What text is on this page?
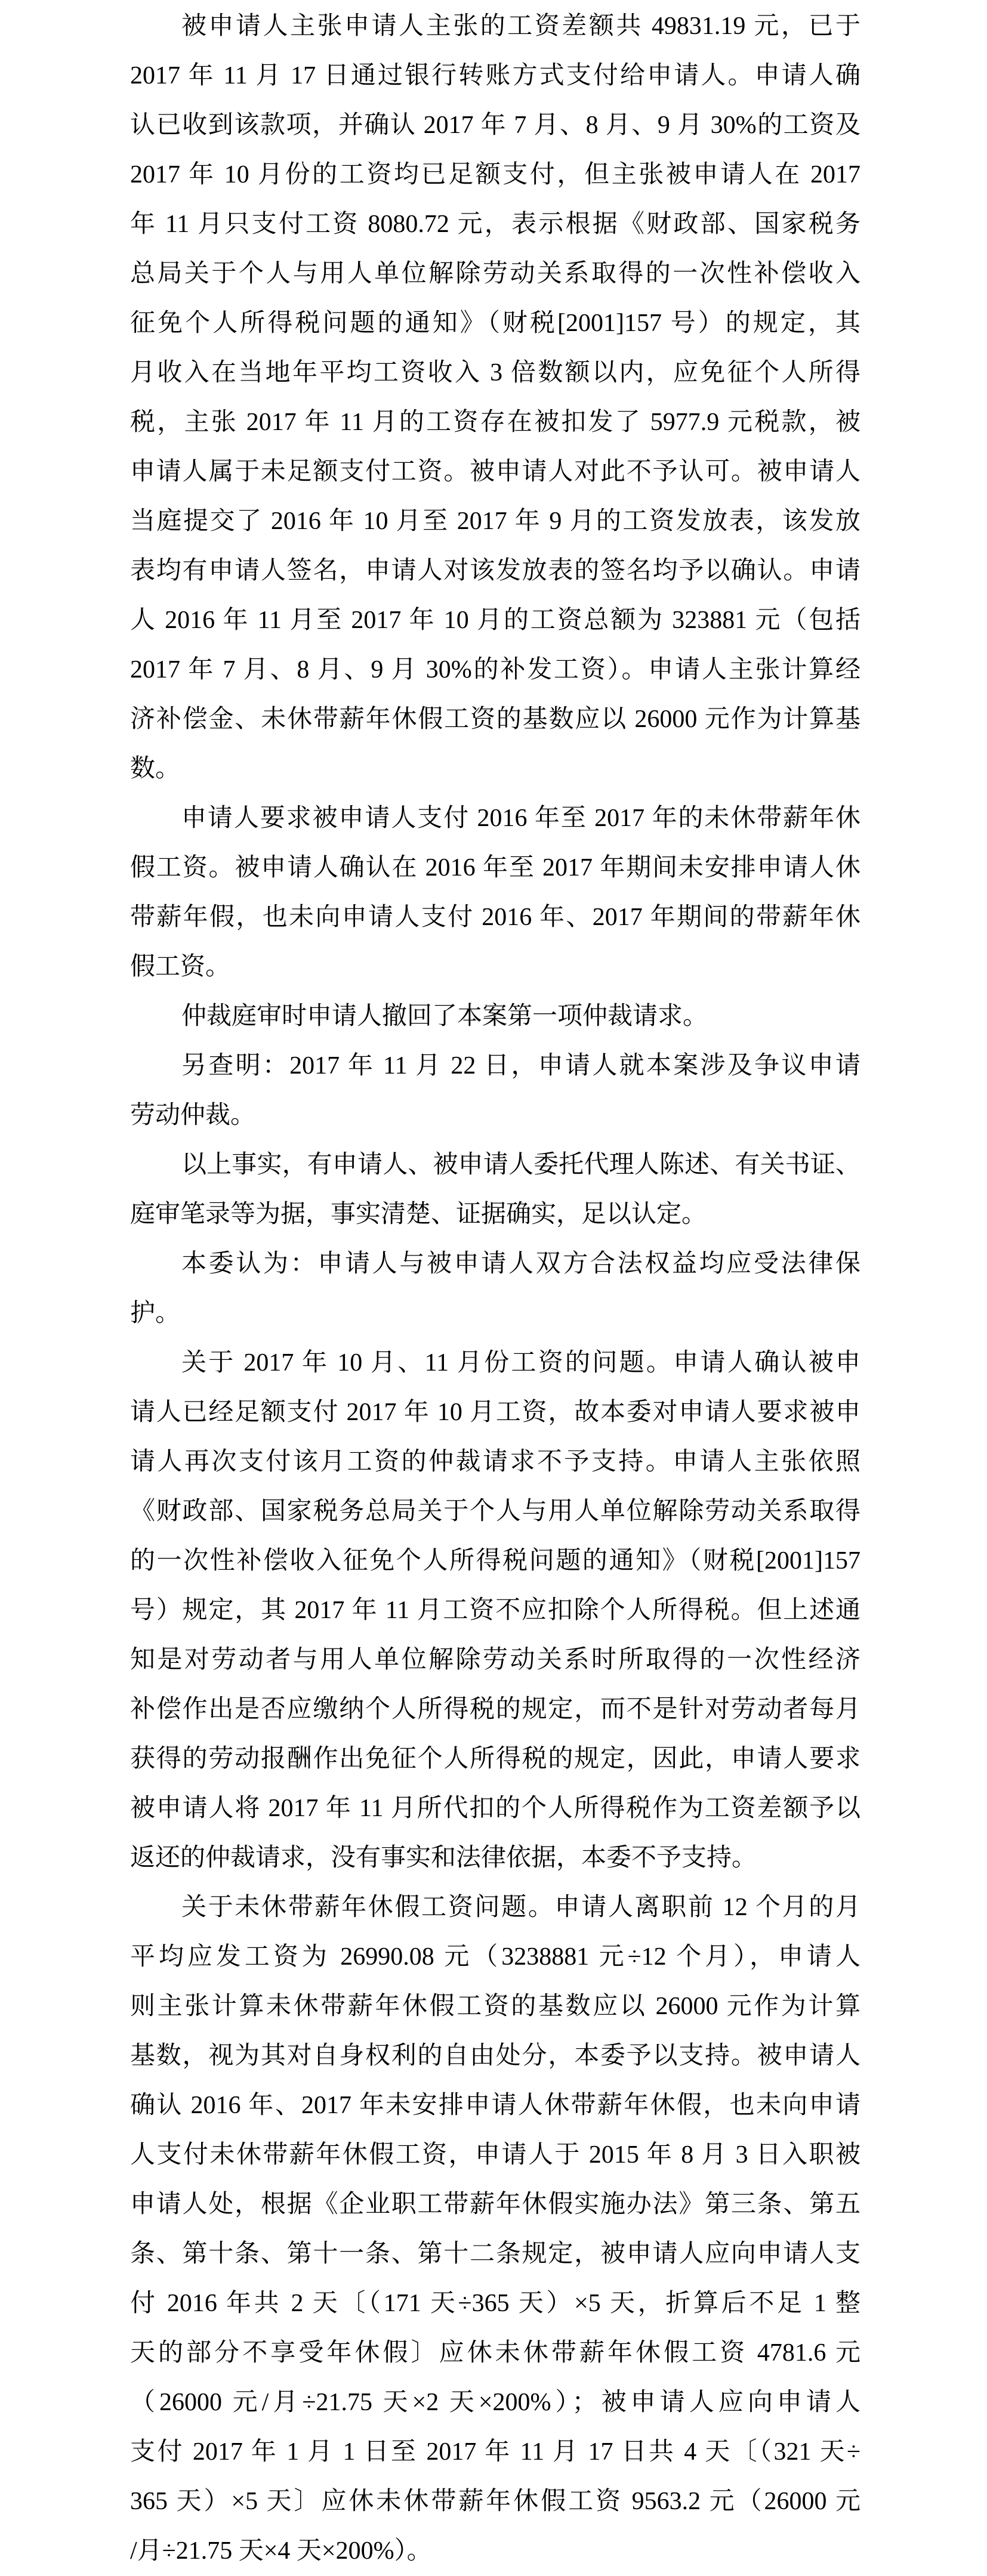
被申请人主张申请人主张的工资差额共 49831.19 元，已于
2017 年 11 月 17 日通过银行转账方式支付给申请人。申请人确
认已收到该款项，并确认 2017 年 7 月、8 月、9 月 30%的工资及
2017 年 10 月份的工资均已足额支付，但主张被申请人在 2017
年 11 月只支付工资 8080.72 元，表示根据《财政部、国家税务
总局关于个人与用人单位解除劳动关系取得的一次性补偿收入
征免个人所得税问题的通知》（财税[2001]157 号）的规定，其
月收入在当地年平均工资收入 3 倍数额以内，应免征个人所得
税，主张 2017 年 11 月的工资存在被扣发了 5977.9 元税款，被
申请人属于未足额支付工资。被申请人对此不予认可。被申请人
当庭提交了 2016 年 10 月至 2017 年 9 月的工资发放表，该发放
表均有申请人签名，申请人对该发放表的签名均予以确认。申请
人 2016 年 11 月至 2017 年 10 月的工资总额为 323881 元（包括
2017 年 7 月、8 月、9 月 30%的补发工资）。申请人主张计算经
济补偿金、未休带薪年休假工资的基数应以 26000 元作为计算基
数。
申请人要求被申请人支付 2016 年至 2017 年的未休带薪年休
假工资。被申请人确认在 2016 年至 2017 年期间未安排申请人休
带薪年假，也未向申请人支付 2016 年、2017 年期间的带薪年休
假工资。
仲裁庭审时申请人撤回了本案第一项仲裁请求。
另查明：2017 年 11 月 22 日，申请人就本案涉及争议申请
劳动仲裁。
以上事实，有申请人、被申请人委托代理人陈述、有关书证、
庭审笔录等为据，事实清楚、证据确实，足以认定。
本委认为：申请人与被申请人双方合法权益均应受法律保
护。
关于 2017 年 10 月、11 月份工资的问题。申请人确认被申
请人已经足额支付 2017 年 10 月工资，故本委对申请人要求被申
请人再次支付该月工资的仲裁请求不予支持。申请人主张依照
《财政部、国家税务总局关于个人与用人单位解除劳动关系取得
的一次性补偿收入征免个人所得税问题的通知》（财税[2001]157
号）规定，其 2017 年 11 月工资不应扣除个人所得税。但上述通
知是对劳动者与用人单位解除劳动关系时所取得的一次性经济
补偿作出是否应缴纳个人所得税的规定，而不是针对劳动者每月
获得的劳动报酬作出免征个人所得税的规定，因此，申请人要求
被申请人将 2017 年 11 月所代扣的个人所得税作为工资差额予以
返还的仲裁请求，没有事实和法律依据，本委不予支持。
关于未休带薪年休假工资问题。申请人离职前 12 个月的月
平均应发工资为 26990.08 元（3238881 元÷12 个月），申请人
则主张计算未休带薪年休假工资的基数应以 26000 元作为计算
基数，视为其对自身权利的自由处分，本委予以支持。被申请人
确认 2016 年、2017 年未安排申请人休带薪年休假，也未向申请
人支付未休带薪年休假工资，申请人于 2015 年 8 月 3 日入职被
申请人处，根据《企业职工带薪年休假实施办法》第三条、第五
条、第十条、第十一条、第十二条规定，被申请人应向申请人支
付 2016 年共 2 天〔（171 天÷365 天）×5 天，折算后不足 1 整
天的部分不享受年休假〕应休未休带薪年休假工资 4781.6 元
（26000 元/月÷21.75 天×2 天×200%）；被申请人应向申请人
支付 2017 年 1 月 1 日至 2017 年 11 月 17 日共 4 天〔（321 天÷
365 天）×5 天〕应休未休带薪年休假工资 9563.2 元（26000 元
/月÷21.75 天×4 天×200%）。
